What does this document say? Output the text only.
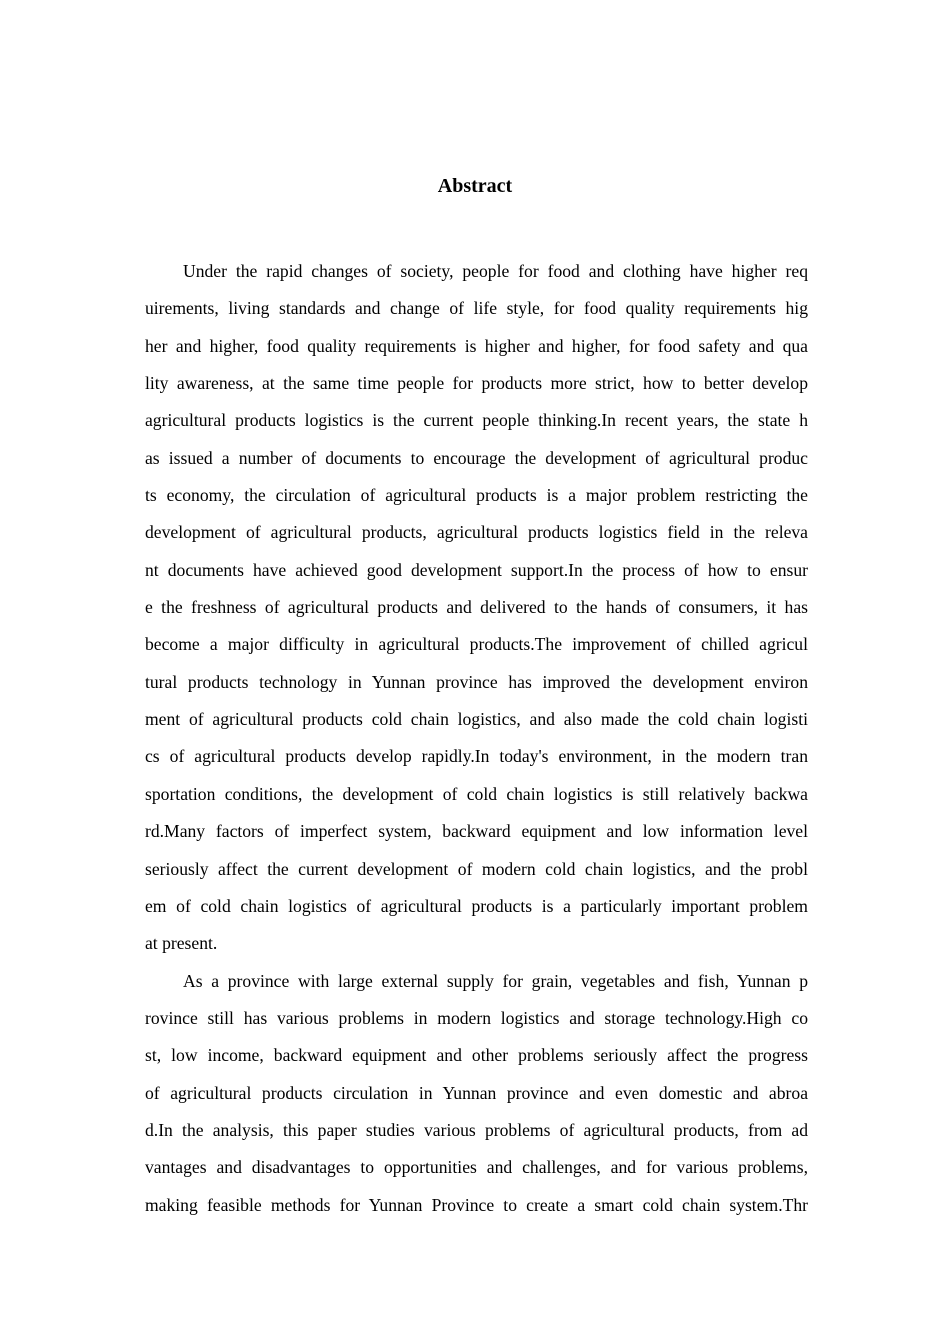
Abstract
Under the rapid changes of society, people for food and clothing have higher req
uirements, living standards and change of life style, for food quality requirements hig
her and higher, food quality requirements is higher and higher, for food safety and qua
lity awareness, at the same time people for products more strict, how to better develop
agricultural products logistics is the current people thinking.In recent years, the state h
as issued a number of documents to encourage the development of agricultural produc
ts economy, the circulation of agricultural products is a major problem restricting the
development of agricultural products, agricultural products logistics field in the releva
nt documents have achieved good development support.In the process of how to ensur
e the freshness of agricultural products and delivered to the hands of consumers, it has
become a major difficulty in agricultural products.The improvement of chilled agricul
tural products technology in Yunnan province has improved the development environ
ment of agricultural products cold chain logistics, and also made the cold chain logisti
cs of agricultural products develop rapidly.In today's environment, in the modern tran
sportation conditions, the development of cold chain logistics is still relatively backwa
rd.Many factors of imperfect system, backward equipment and low information level
seriously affect the current development of modern cold chain logistics, and the probl
em of cold chain logistics of agricultural products is a particularly important problem
at present.
As a province with large external supply for grain, vegetables and fish, Yunnan p
rovince still has various problems in modern logistics and storage technology.High co
st, low income, backward equipment and other problems seriously affect the progress
of agricultural products circulation in Yunnan province and even domestic and abroa
d.In the analysis, this paper studies various problems of agricultural products, from ad
vantages and disadvantages to opportunities and challenges, and for various problems,
making feasible methods for Yunnan Province to create a smart cold chain system.Thr
